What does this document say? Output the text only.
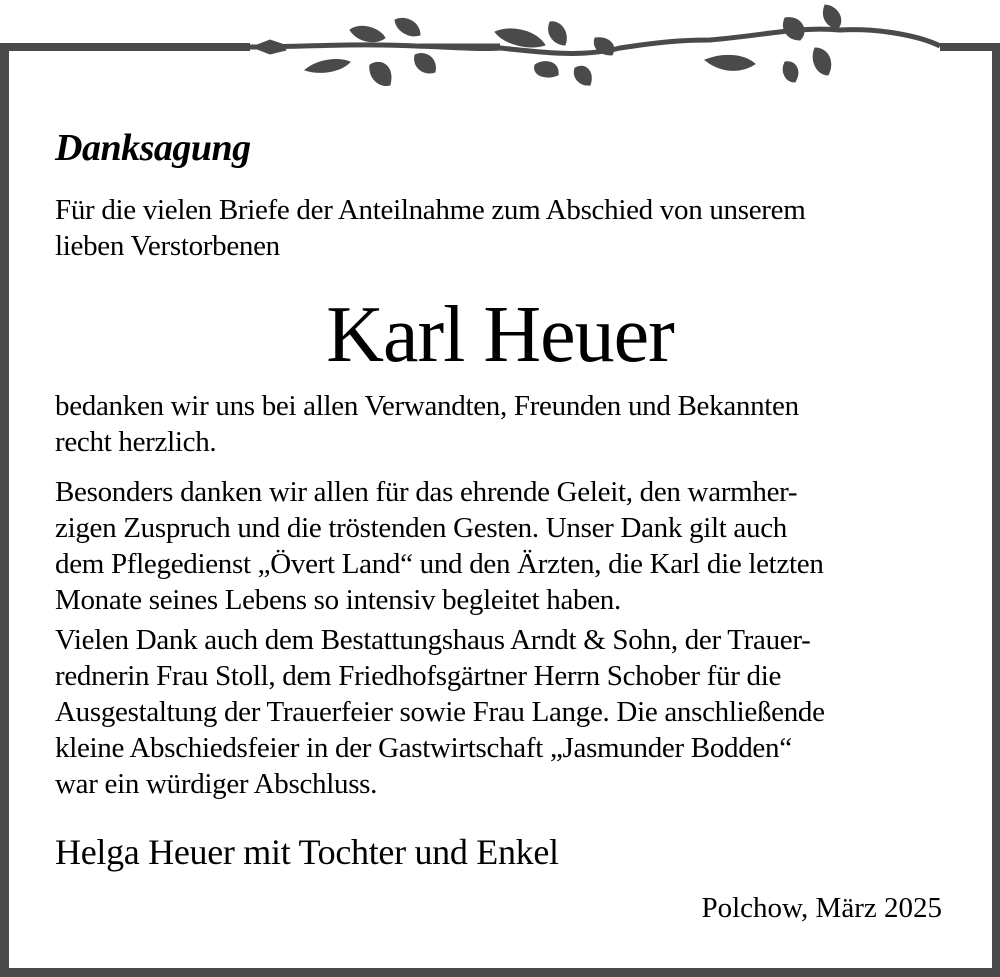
Danksagung
Für die vielen Briefe der Anteilnahme zum Abschied von unserem
lieben Verstorbenen
Karl Heuer
bedanken wir uns bei allen Verwandten, Freunden und Bekannten
recht herzlich.
Besonders danken wir allen für das ehrende Geleit, den warmher-
zigen Zuspruch und die tröstenden Gesten. Unser Dank gilt auch
dem Pflegedienst „Övert Land“ und den Ärzten, die Karl die letzten
Monate seines Lebens so intensiv begleitet haben.
Vielen Dank auch dem Bestattungshaus Arndt & Sohn, der Trauer-
rednerin Frau Stoll, dem Friedhofsgärtner Herrn Schober für die
Ausgestaltung der Trauerfeier sowie Frau Lange. Die anschließende
kleine Abschiedsfeier in der Gastwirtschaft „Jasmunder Bodden“
war ein würdiger Abschluss.
Helga Heuer mit Tochter und Enkel
Polchow, März 2025
